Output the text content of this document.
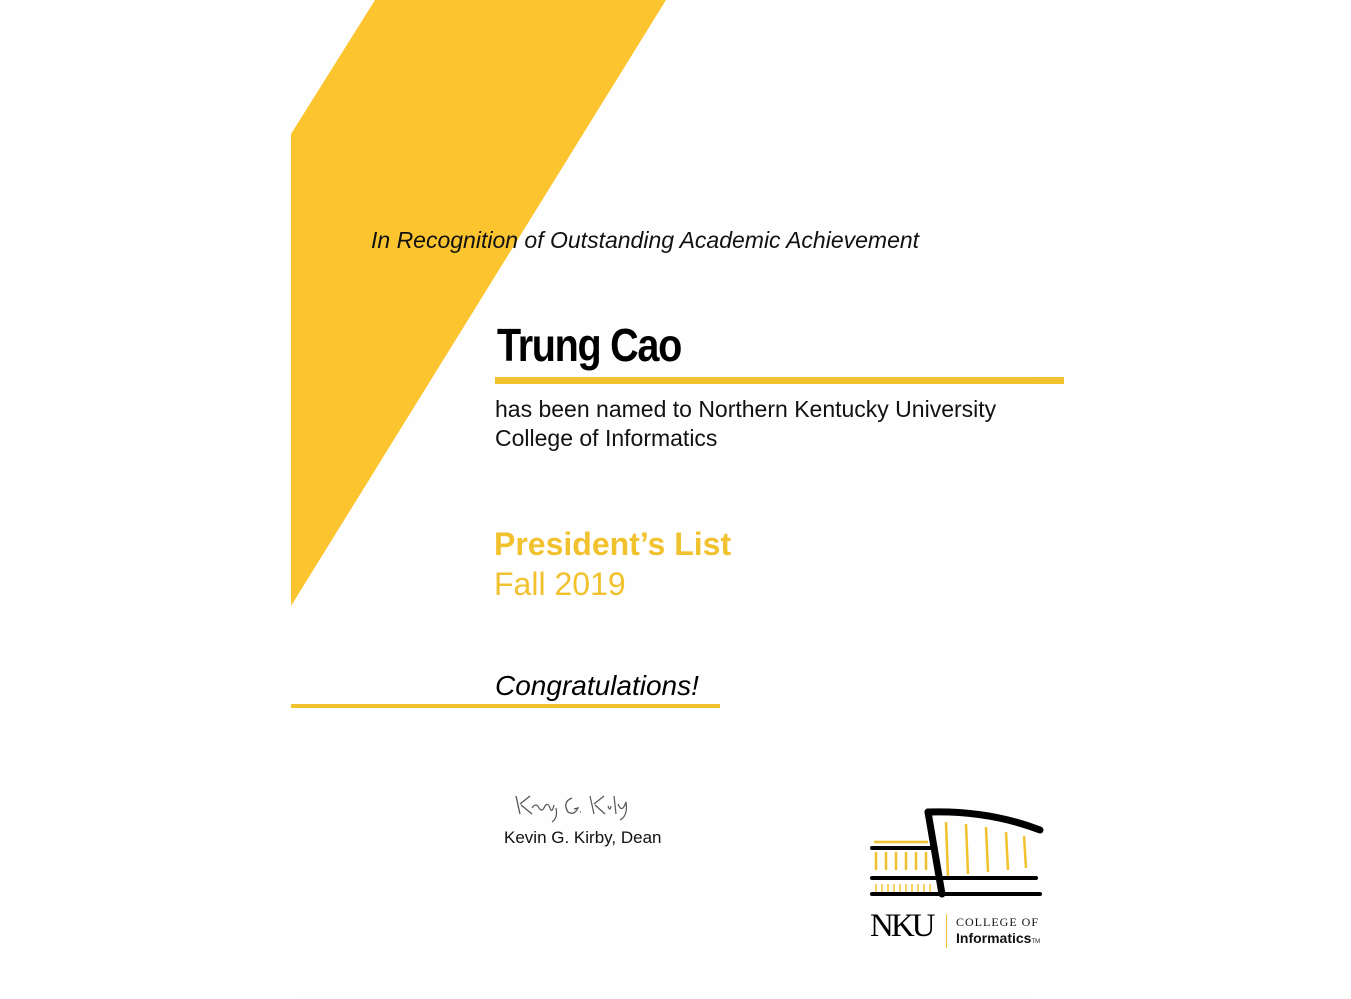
In Recognition of Outstanding Academic Achievement
Trung Cao
has been named to Northern Kentucky University
College of Informatics
President’s List
Fall 2019
Congratulations!
Kevin G. Kirby, Dean
NKU COLLEGE OF
InformaticsTM
